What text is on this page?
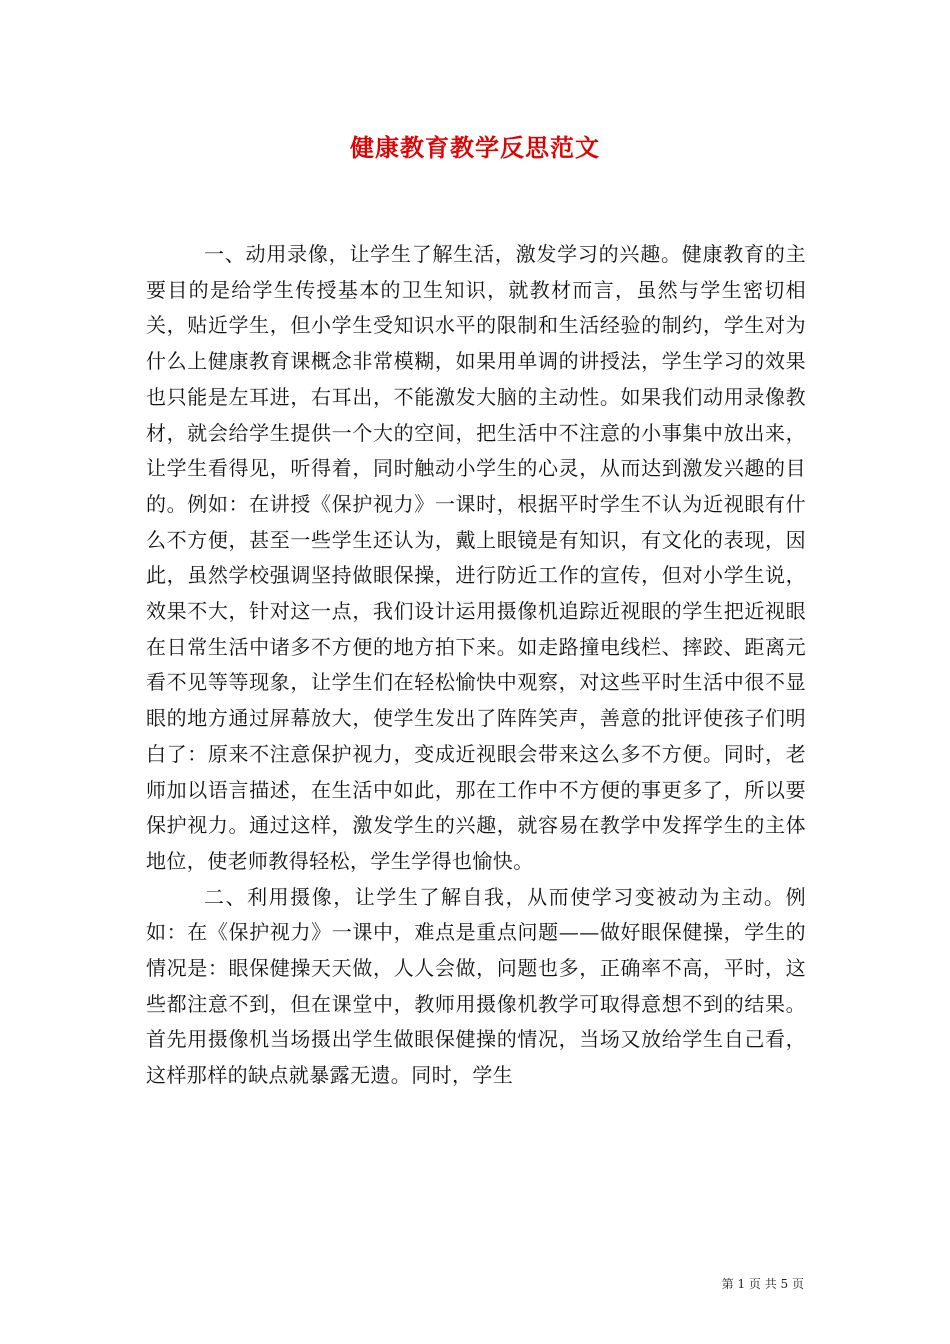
健康教育教学反思范文

一、动用录像，让学生了解生活，激发学习的兴趣。健康教育的主要目的是给学生传授基本的卫生知识，就教材而言，虽然与学生密切相关，贴近学生，但小学生受知识水平的限制和生活经验的制约，学生对为什么上健康教育课概念非常模糊，如果用单调的讲授法，学生学习的效果也只能是左耳进，右耳出，不能激发大脑的主动性。如果我们动用录像教材，就会给学生提供一个大的空间，把生活中不注意的小事集中放出来，让学生看得见，听得着，同时触动小学生的心灵，从而达到激发兴趣的目的。例如：在讲授《保护视力》一课时，根据平时学生不认为近视眼有什么不方便，甚至一些学生还认为，戴上眼镜是有知识，有文化的表现，因此，虽然学校强调坚持做眼保操，进行防近工作的宣传，但对小学生说，效果不大，针对这一点，我们设计运用摄像机追踪近视眼的学生把近视眼在日常生活中诸多不方便的地方拍下来。如走路撞电线栏、摔跤、距离元看不见等等现象，让学生们在轻松愉快中观察，对这些平时生活中很不显眼的地方通过屏幕放大，使学生发出了阵阵笑声，善意的批评使孩子们明白了：原来不注意保护视力，变成近视眼会带来这么多不方便。同时，老师加以语言描述，在生活中如此，那在工作中不方便的事更多了，所以要保护视力。通过这样，激发学生的兴趣，就容易在教学中发挥学生的主体地位，使老师教得轻松，学生学得也愉快。

二、利用摄像，让学生了解自我，从而使学习变被动为主动。例如：在《保护视力》一课中，难点是重点问题——做好眼保健操，学生的情况是：眼保健操天天做，人人会做，问题也多，正确率不高，平时，这些都注意不到，但在课堂中，教师用摄像机教学可取得意想不到的结果。首先用摄像机当场摄出学生做眼保健操的情况，当场又放给学生自己看，这样那样的缺点就暴露无遗。同时，学生

第 1 页 共 5 页
